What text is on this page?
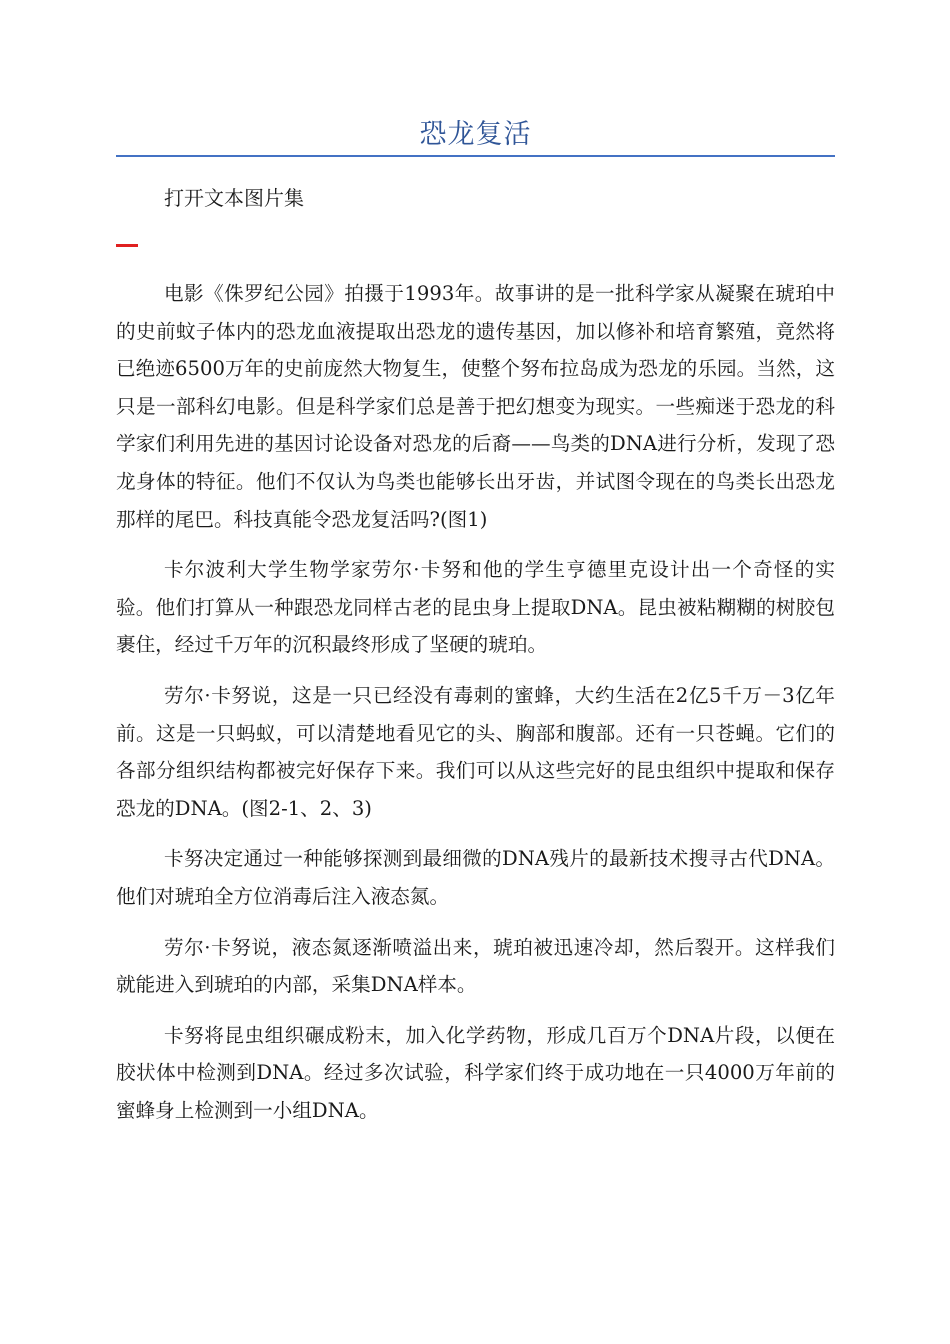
恐龙复活
打开文本图片集

电影《侏罗纪公园》拍摄于1993年。故事讲的是一批科学家从凝聚在琥珀中的史前蚊子体内的恐龙血液提取出恐龙的遗传基因，加以修补和培育繁殖，竟然将已绝迹6500万年的史前庞然大物复生，使整个努布拉岛成为恐龙的乐园。当然，这只是一部科幻电影。但是科学家们总是善于把幻想变为现实。一些痴迷于恐龙的科学家们利用先进的基因讨论设备对恐龙的后裔——鸟类的DNA进行分析，发现了恐龙身体的特征。他们不仅认为鸟类也能够长出牙齿，并试图令现在的鸟类长出恐龙那样的尾巴。科技真能令恐龙复活吗?(图1)

卡尔波利大学生物学家劳尔·卡努和他的学生亨德里克设计出一个奇怪的实验。他们打算从一种跟恐龙同样古老的昆虫身上提取DNA。昆虫被粘糊糊的树胶包裹住，经过千万年的沉积最终形成了坚硬的琥珀。

劳尔·卡努说，这是一只已经没有毒刺的蜜蜂，大约生活在2亿5千万－3亿年前。这是一只蚂蚁，可以清楚地看见它的头、胸部和腹部。还有一只苍蝇。它们的各部分组织结构都被完好保存下来。我们可以从这些完好的昆虫组织中提取和保存恐龙的DNA。(图2-1、2、3)

卡努决定通过一种能够探测到最细微的DNA残片的最新技术搜寻古代DNA。他们对琥珀全方位消毒后注入液态氮。

劳尔·卡努说，液态氮逐渐喷溢出来，琥珀被迅速冷却，然后裂开。这样我们就能进入到琥珀的内部，采集DNA样本。

卡努将昆虫组织碾成粉末，加入化学药物，形成几百万个DNA片段，以便在胶状体中检测到DNA。经过多次试验，科学家们终于成功地在一只4000万年前的蜜蜂身上检测到一小组DNA。
